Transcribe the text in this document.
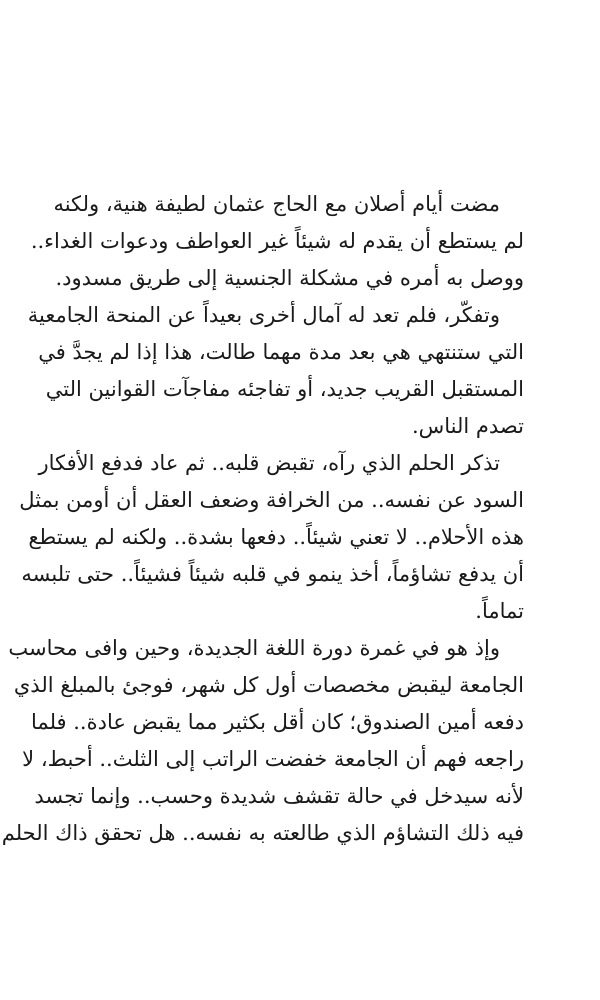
مضت أيام أصلان مع الحاج عثمان لطيفة هنية، ولكنه
لم يستطع أن يقدم له شيئاً غير العواطف ودعوات الغداء..
ووصل به أمره في مشكلة الجنسية إلى طريق مسدود.
وتفكّر، فلم تعد له آمال أخرى بعيداً عن المنحة الجامعية
التي ستنتهي هي بعد مدة مهما طالت، هذا إذا لم يجدَّ في
المستقبل القريب جديد، أو تفاجئه مفاجآت القوانين التي
تصدم الناس.
تذكر الحلم الذي رآه، تقبض قلبه.. ثم عاد فدفع الأفكار
السود عن نفسه.. من الخرافة وضعف العقل أن أومن بمثل
هذه الأحلام.. لا تعني شيئاً.. دفعها بشدة.. ولكنه لم يستطع
أن يدفع تشاؤماً، أخذ ينمو في قلبه شيئاً فشيئاً.. حتى تلبسه
تماماً.
وإذ هو في غمرة دورة اللغة الجديدة، وحين وافى محاسب
الجامعة ليقبض مخصصات أول كل شهر، فوجئ بالمبلغ الذي
دفعه أمين الصندوق؛ كان أقل بكثير مما يقبض عادة.. فلما
راجعه فهم أن الجامعة خفضت الراتب إلى الثلث.. أحبط، لا
لأنه سيدخل في حالة تقشف شديدة وحسب.. وإنما تجسد
فيه ذلك التشاؤم الذي طالعته به نفسه.. هل تحقق ذاك الحلم
